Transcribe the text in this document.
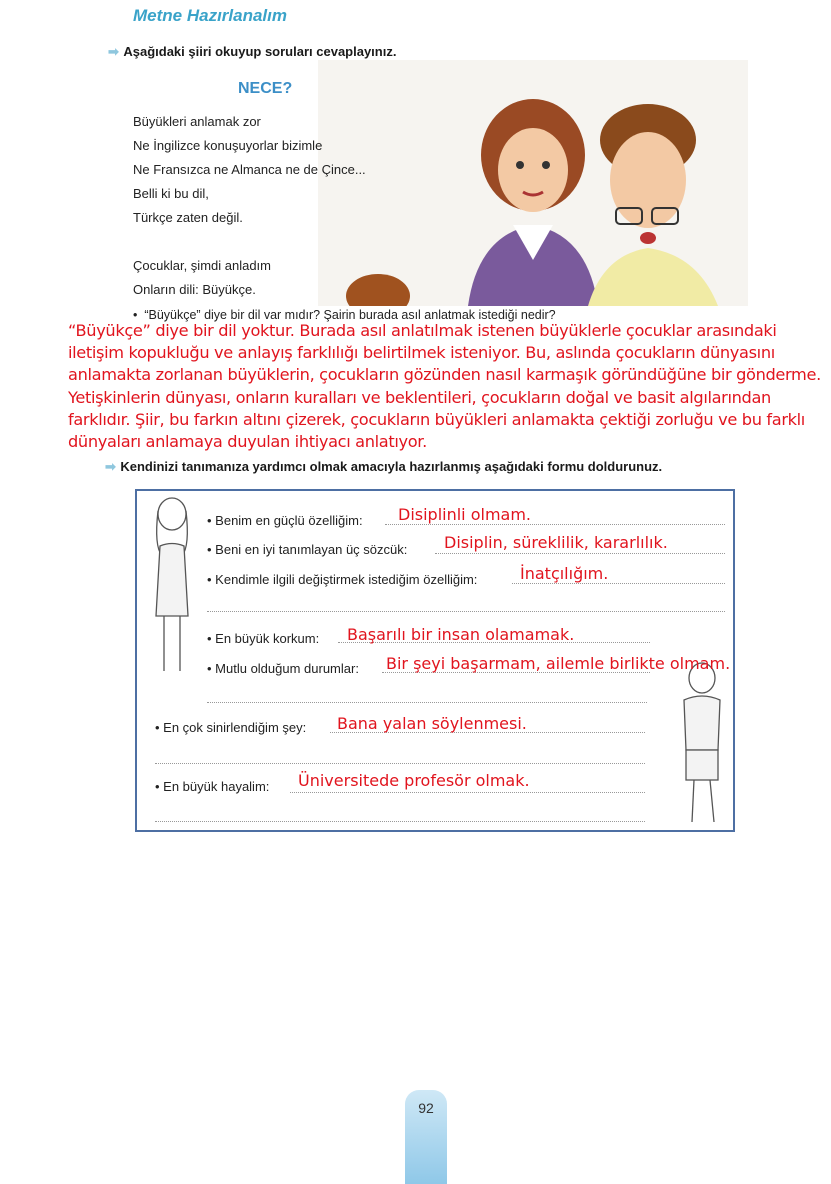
Metne Hazırlanalım
➡ Aşağıdaki şiiri okuyup soruları cevaplayınız.
NECE?
Büyükleri anlamak zor
Ne İngilizce konuşuyorlar bizimle
Ne Fransızca ne Almanca ne de Çince...
Belli ki bu dil,
Türkçe zaten değil.
Çocuklar, şimdi anladım
Onların dili: Büyükçe.
•  “Büyükçe” diye bir dil var mıdır? Şairin burada asıl anlatmak istediği nedir?
“Büyükçe” diye bir dil yoktur. Burada asıl anlatılmak istenen büyüklerle çocuklar arasındaki iletişim kopukluğu ve anlayış farklılığı belirtilmek isteniyor. Bu, aslında çocukların dünyasını anlamakta zorlanan büyüklerin, çocukların gözünden nasıl karmaşık göründüğüne bir gönderme. Yetişkinlerin dünyası, onların kuralları ve beklentileri, çocukların doğal ve basit algılarından farklıdır. Şiir, bu farkın altını çizerek, çocukların büyükleri anlamakta çektiği zorluğu ve bu farklı dünyaları anlamaya duyulan ihtiyacı anlatıyor.
➡ Kendinizi tanımanıza yardımcı olmak amacıyla hazırlanmış aşağıdaki formu doldurunuz.
• Benim en güçlü özelliğim: Disiplinli olmam.
• Beni en iyi tanımlayan üç sözcük: Disiplin, süreklilik, kararlılık.
• Kendimle ilgili değiştirmek istediğim özelliğim:	İnatçılığım.
• En büyük korkum: Başarılı bir insan olamamak.
• Mutlu olduğum durumlar: Bir şeyi başarmam, ailemle birlikte olmam.
• En çok sinirlendiğim şey: Bana yalan söylenmesi.
• En büyük hayalim: Üniversitede profesör olmak.
92
